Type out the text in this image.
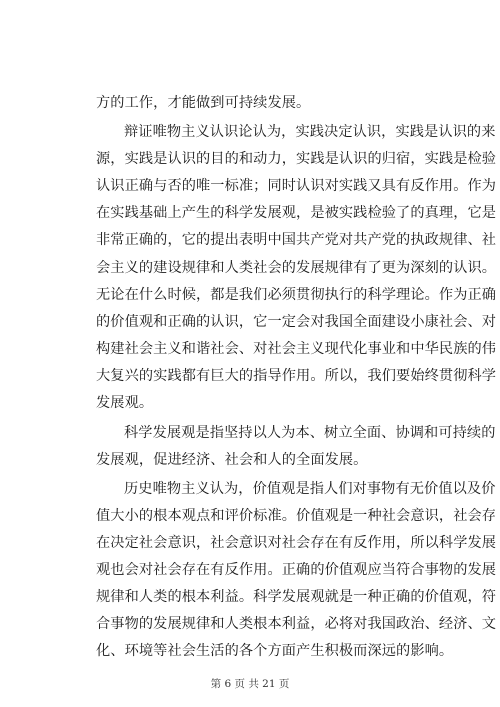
方的工作，才能做到可持续发展。
辩证唯物主义认识论认为，实践决定认识，实践是认识的来
源，实践是认识的目的和动力，实践是认识的归宿，实践是检验
认识正确与否的唯一标准；同时认识对实践又具有反作用。作为
在实践基础上产生的科学发展观，是被实践检验了的真理，它是
非常正确的，它的提出表明中国共产党对共产党的执政规律、社
会主义的建设规律和人类社会的发展规律有了更为深刻的认识。
无论在什么时候，都是我们必须贯彻执行的科学理论。作为正确
的价值观和正确的认识，它一定会对我国全面建设小康社会、对
构建社会主义和谐社会、对社会主义现代化事业和中华民族的伟
大复兴的实践都有巨大的指导作用。所以，我们要始终贯彻科学
发展观。
科学发展观是指坚持以人为本、树立全面、协调和可持续的
发展观，促进经济、社会和人的全面发展。
历史唯物主义认为，价值观是指人们对事物有无价值以及价
值大小的根本观点和评价标准。价值观是一种社会意识，社会存
在决定社会意识，社会意识对社会存在有反作用，所以科学发展
观也会对社会存在有反作用。正确的价值观应当符合事物的发展
规律和人类的根本利益。科学发展观就是一种正确的价值观，符
合事物的发展规律和人类根本利益，必将对我国政治、经济、文
化、环境等社会生活的各个方面产生积极而深远的影响。
第 6 页 共 21 页
